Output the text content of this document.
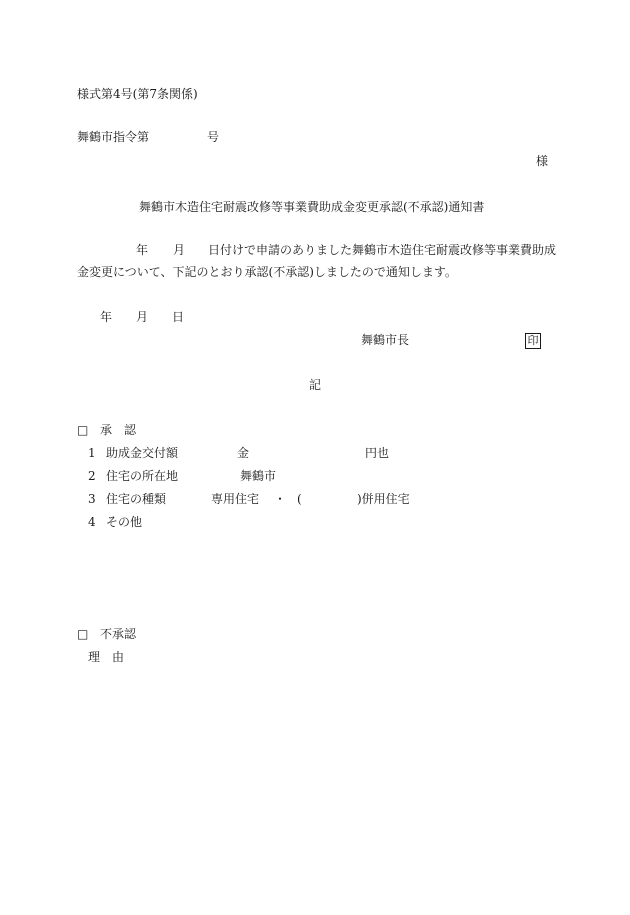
様式第4号(第7条関係)
舞鶴市指令第	号
様
舞鶴市木造住宅耐震改修等事業費助成金変更承認(不承認)通知書
年 月 日付けで申請のありました舞鶴市木造住宅耐震改修等事業費助成
金変更について、下記のとおり承認(不承認)しましたので通知します。
年 月 日
舞鶴市長	印
記
□ 承　認
1 助成金交付額	金	円也
2 住宅の所在地	舞鶴市
3 住宅の種類	専用住宅 ・ (	)併用住宅
4 その他
□ 不承認
理　由
